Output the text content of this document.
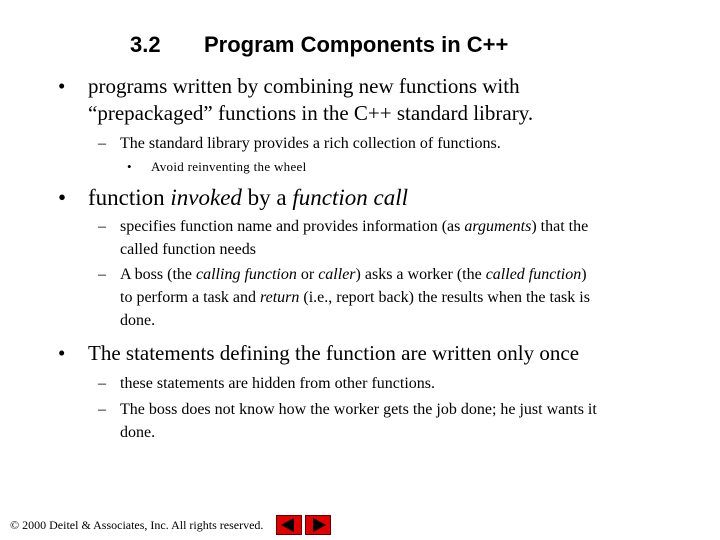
3.2 Program Components in C++
• programs written by combining new functions with
“prepackaged” functions in the C++ standard library.
– The standard library provides a rich collection of functions.
• Avoid reinventing the wheel
• function invoked by a function call
– specifies function name and provides information (as arguments) that the
called function needs
– A boss (the calling function or caller) asks a worker (the called function)
to perform a task and return (i.e., report back) the results when the task is
done.
• The statements defining the function are written only once
– these statements are hidden from other functions.
– The boss does not know how the worker gets the job done; he just wants it
done.
© 2000 Deitel & Associates, Inc. All rights reserved.
